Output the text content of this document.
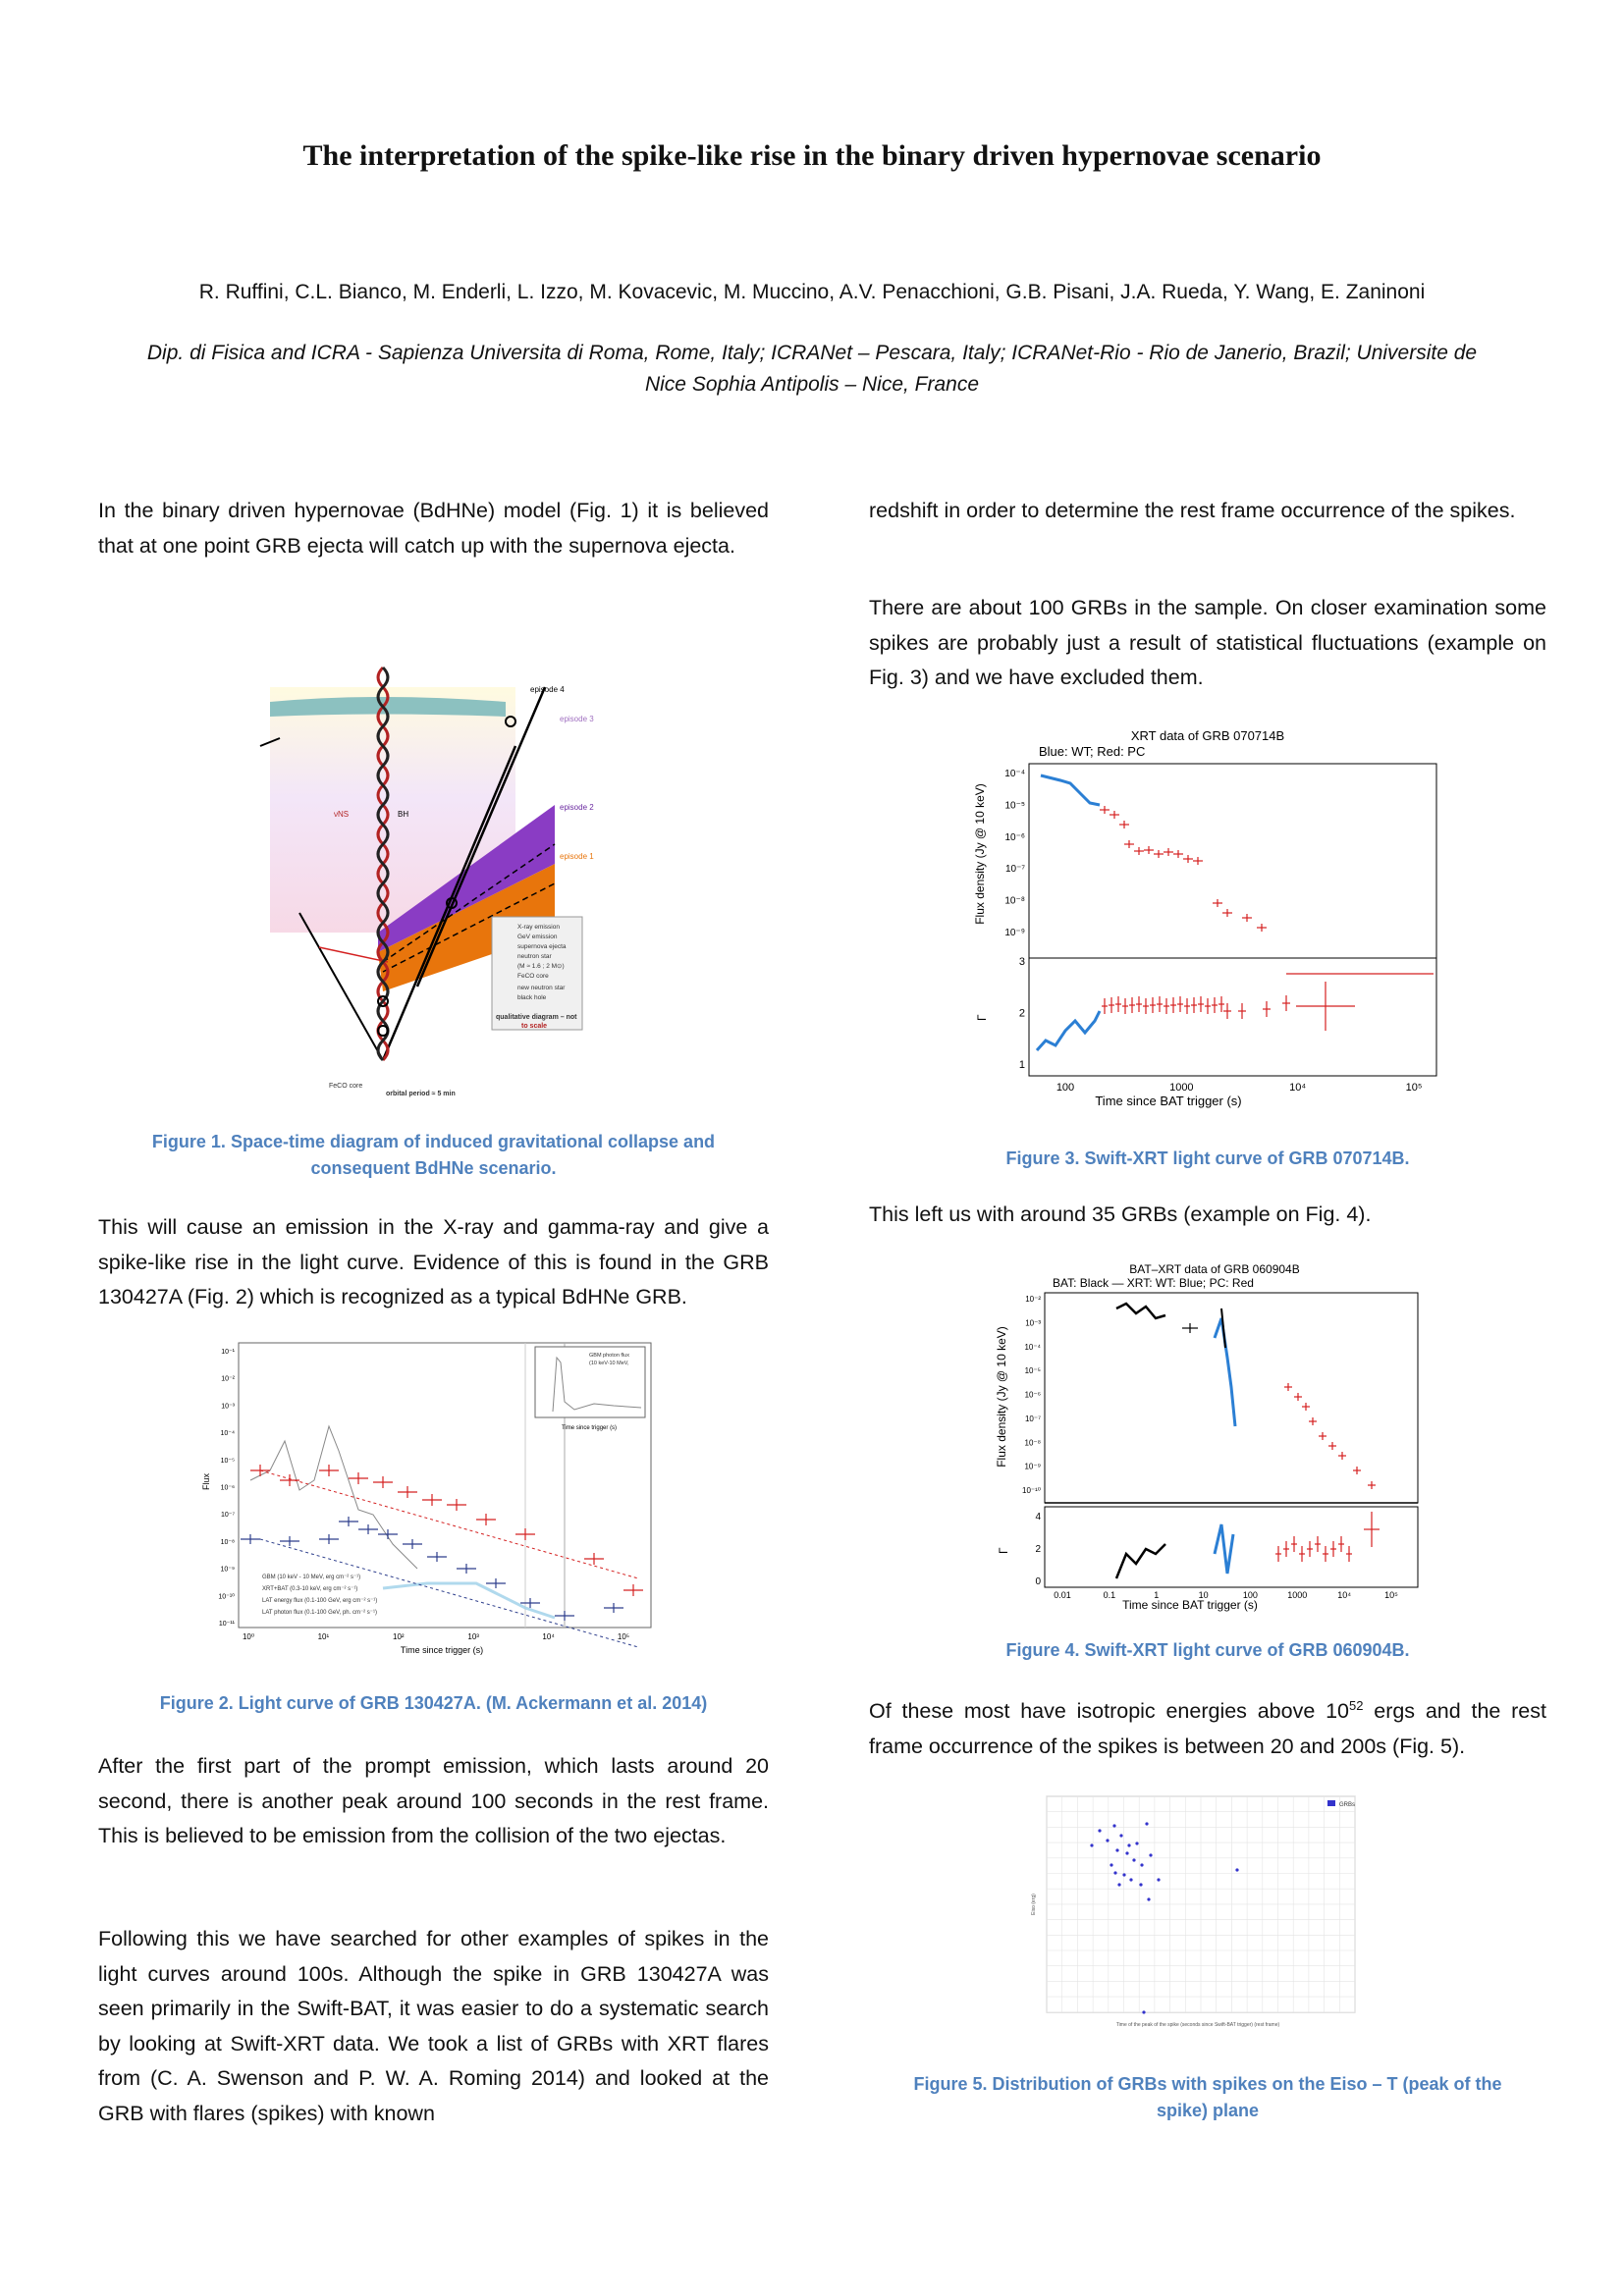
The interpretation of the spike-like rise in the binary driven hypernovae scenario
R. Ruffini, C.L. Bianco, M. Enderli, L. Izzo, M. Kovacevic, M. Muccino, A.V. Penacchioni, G.B. Pisani, J.A. Rueda, Y. Wang, E. Zaninoni
Dip. di Fisica and ICRA - Sapienza Universita di Roma, Rome, Italy; ICRANet – Pescara, Italy; ICRANet-Rio - Rio de Janerio, Brazil; Universite de
Nice Sophia Antipolis – Nice, France

In the binary driven hypernovae (BdHNe) model (Fig. 1) it is believed that at one point GRB ejecta will catch up with the supernova ejecta.

episode 4
episode 3
episode 2
episode 1
νNS	BH
X-ray emission
GeV emission
supernova ejecta
neutron star
(M ≈ 1.6 ; 2 M⊙)
FeCO core
new neutron star
black hole
qualitative diagram – not
to scale
FeCO core
orbital period ≈ 5 min
Figure 1. Space-time diagram of induced gravitational collapse and
consequent BdHNe scenario.

This will cause an emission in the X-ray and gamma-ray and give a spike-like rise in the light curve. Evidence of this is found in the GRB 130427A (Fig. 2) which is recognized as a typical BdHNe GRB.

10⁻¹
10⁻²
10⁻³
10⁻⁴
10⁻⁵
10⁻⁶
10⁻⁷
10⁻⁸
10⁻⁹
10⁻¹⁰
10⁻¹¹
10⁰	10¹	10²	10³	10⁴	10⁵
Flux
Time since trigger (s)
GBM (10 keV - 10 MeV, erg cm⁻² s⁻¹)
XRT+BAT (0.3-10 keV, erg cm⁻² s⁻¹)
LAT energy flux (0.1-100 GeV, erg cm⁻² s⁻¹)
LAT photon flux (0.1-100 GeV, ph. cm⁻² s⁻¹)
GBM photon flux
(10 keV-10 MeV,
Time since trigger (s)
Figure 2. Light curve of GRB 130427A. (M. Ackermann et al. 2014)

After the first part of the prompt emission, which lasts around 20 second, there is another peak around 100 seconds in the rest frame. This is believed to be emission from the collision of the two ejectas.

Following this we have searched for other examples of spikes in the light curves around 100s. Although the spike in GRB 130427A was seen primarily in the Swift-BAT, it was easier to do a systematic search by looking at Swift-XRT data. We took a list of GRBs with XRT flares from (C. A. Swenson and P. W. A. Roming 2014) and looked at the GRB with flares (spikes) with known

redshift in order to determine the rest frame occurrence of the spikes.

There are about 100 GRBs in the sample. On closer examination some spikes are probably just a result of statistical fluctuations (example on Fig. 3) and we have excluded them.

XRT data of GRB 070714B
Blue: WT; Red: PC
10⁻⁴
10⁻⁵
10⁻⁶
10⁻⁷
10⁻⁸
10⁻⁹
3
2
1
100	1000	10⁴	10⁵
Flux density (Jy @ 10 keV)
Γ
Time since BAT trigger (s)
Figure 3. Swift-XRT light curve of GRB 070714B.

This left us with around 35 GRBs (example on Fig. 4).

BAT–XRT data of GRB 060904B
BAT: Black — XRT: WT: Blue; PC: Red
10⁻²
10⁻³
10⁻⁴
10⁻⁵
10⁻⁶
10⁻⁷
10⁻⁸
10⁻⁹
10⁻¹⁰
4
2
0
0.01	0.1	1	10	100	1000	10⁴	10⁵
Flux density (Jy @ 10 keV)
Γ
Time since BAT trigger (s)
Figure 4. Swift-XRT light curve of GRB 060904B.

Of these most have isotropic energies above $10^{52}$ ergs and the rest frame occurrence of the spikes is between 20 and 200s (Fig. 5).

GRBs
Time of the peak of the spike (seconds since Swift-BAT trigger) (rest frame)
Eiso (erg)
Figure 5. Distribution of GRBs with spikes on the Eiso – T (peak of the
spike) plane
